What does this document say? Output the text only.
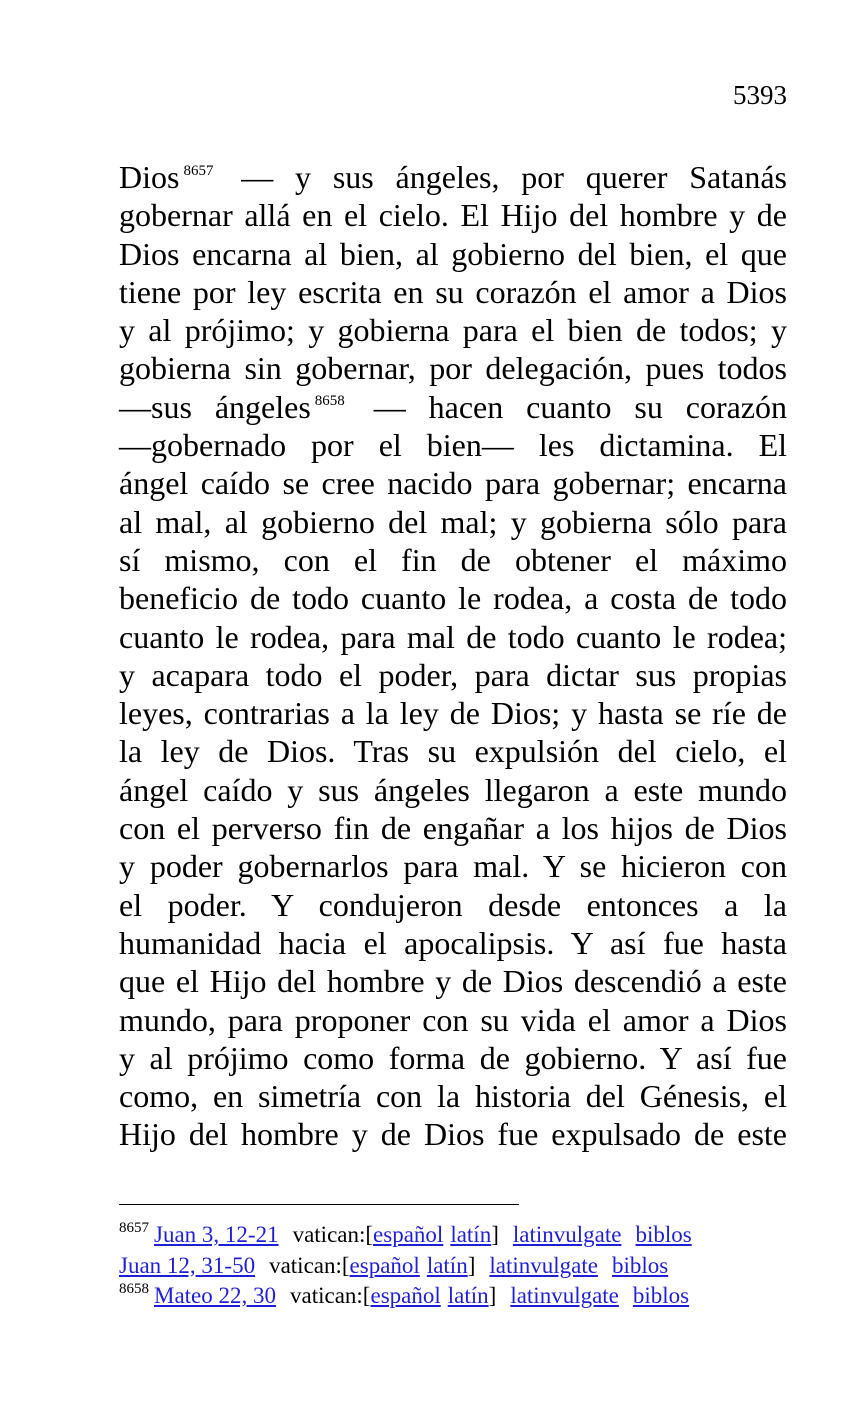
5393
Dios $^{8657}$ — y sus ángeles, por querer Satanás
gobernar allá en el cielo. El Hijo del hombre y de
Dios encarna al bien, al gobierno del bien, el que
tiene por ley escrita en su corazón el amor a Dios
y al prójimo; y gobierna para el bien de todos; y
gobierna sin gobernar, por delegación, pues todos
—sus ángeles $^{8658}$ — hacen cuanto su corazón
—gobernado por el bien— les dictamina. El
ángel caído se cree nacido para gobernar; encarna
al mal, al gobierno del mal; y gobierna sólo para
sí mismo, con el fin de obtener el máximo
beneficio de todo cuanto le rodea, a costa de todo
cuanto le rodea, para mal de todo cuanto le rodea;
y acapara todo el poder, para dictar sus propias
leyes, contrarias a la ley de Dios; y hasta se ríe de
la ley de Dios. Tras su expulsión del cielo, el
ángel caído y sus ángeles llegaron a este mundo
con el perverso fin de engañar a los hijos de Dios
y poder gobernarlos para mal. Y se hicieron con
el poder. Y condujeron desde entonces a la
humanidad hacia el apocalipsis. Y así fue hasta
que el Hijo del hombre y de Dios descendió a este
mundo, para proponer con su vida el amor a Dios
y al prójimo como forma de gobierno. Y así fue
como, en simetría con la historia del Génesis, el
Hijo del hombre y de Dios fue expulsado de este
$^{8657}$ Juan 3, 12-21 vatican:[español latín] latinvulgate biblos
Juan 12, 31-50 vatican:[español latín] latinvulgate biblos
$^{8658}$ Mateo 22, 30 vatican:[español latín] latinvulgate biblos
